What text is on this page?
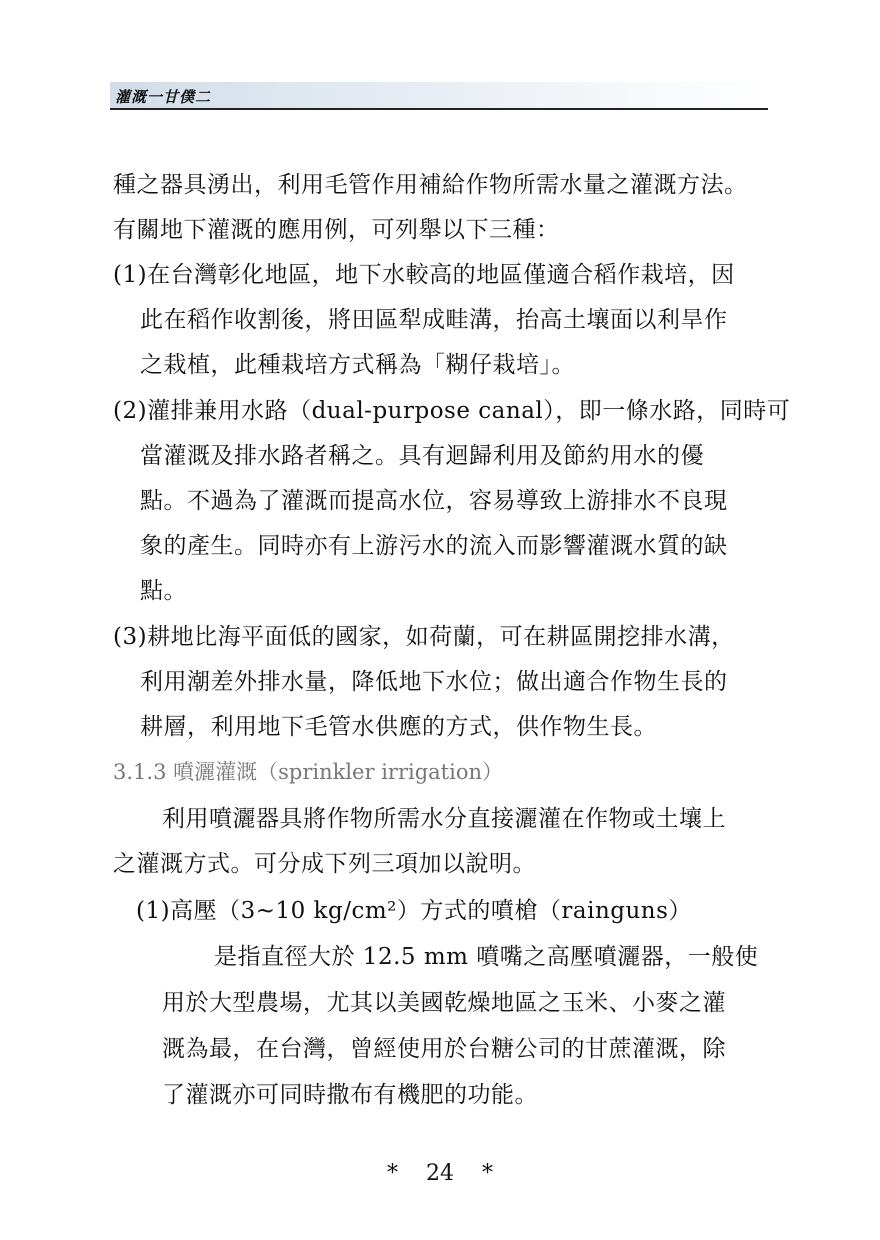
灌溉一甘僕二
種之器具湧出，利用毛管作用補給作物所需水量之灌溉方法。
有關地下灌溉的應用例，可列舉以下三種：
(1)在台灣彰化地區，地下水較高的地區僅適合稻作栽培，因
此在稻作收割後，將田區犁成畦溝，抬高土壤面以利旱作
之栽植，此種栽培方式稱為「糊仔栽培」。
(2)灌排兼用水路（dual-purpose canal），即一條水路，同時可
當灌溉及排水路者稱之。具有迴歸利用及節約用水的優
點。不過為了灌溉而提高水位，容易導致上游排水不良現
象的產生。同時亦有上游污水的流入而影響灌溉水質的缺
點。
(3)耕地比海平面低的國家，如荷蘭，可在耕區開挖排水溝，
利用潮差外排水量，降低地下水位；做出適合作物生長的
耕層，利用地下毛管水供應的方式，供作物生長。
3.1.3 噴灑灌溉（sprinkler irrigation）
利用噴灑器具將作物所需水分直接灑灌在作物或土壤上
之灌溉方式。可分成下列三項加以說明。
(1)高壓（3~10 kg/cm²）方式的噴槍（rainguns）
是指直徑大於 12.5 mm 噴嘴之高壓噴灑器，一般使
用於大型農場，尤其以美國乾燥地區之玉米、小麥之灌
溉為最，在台灣，曾經使用於台糖公司的甘蔗灌溉，除
了灌溉亦可同時撒布有機肥的功能。
* 24 *
